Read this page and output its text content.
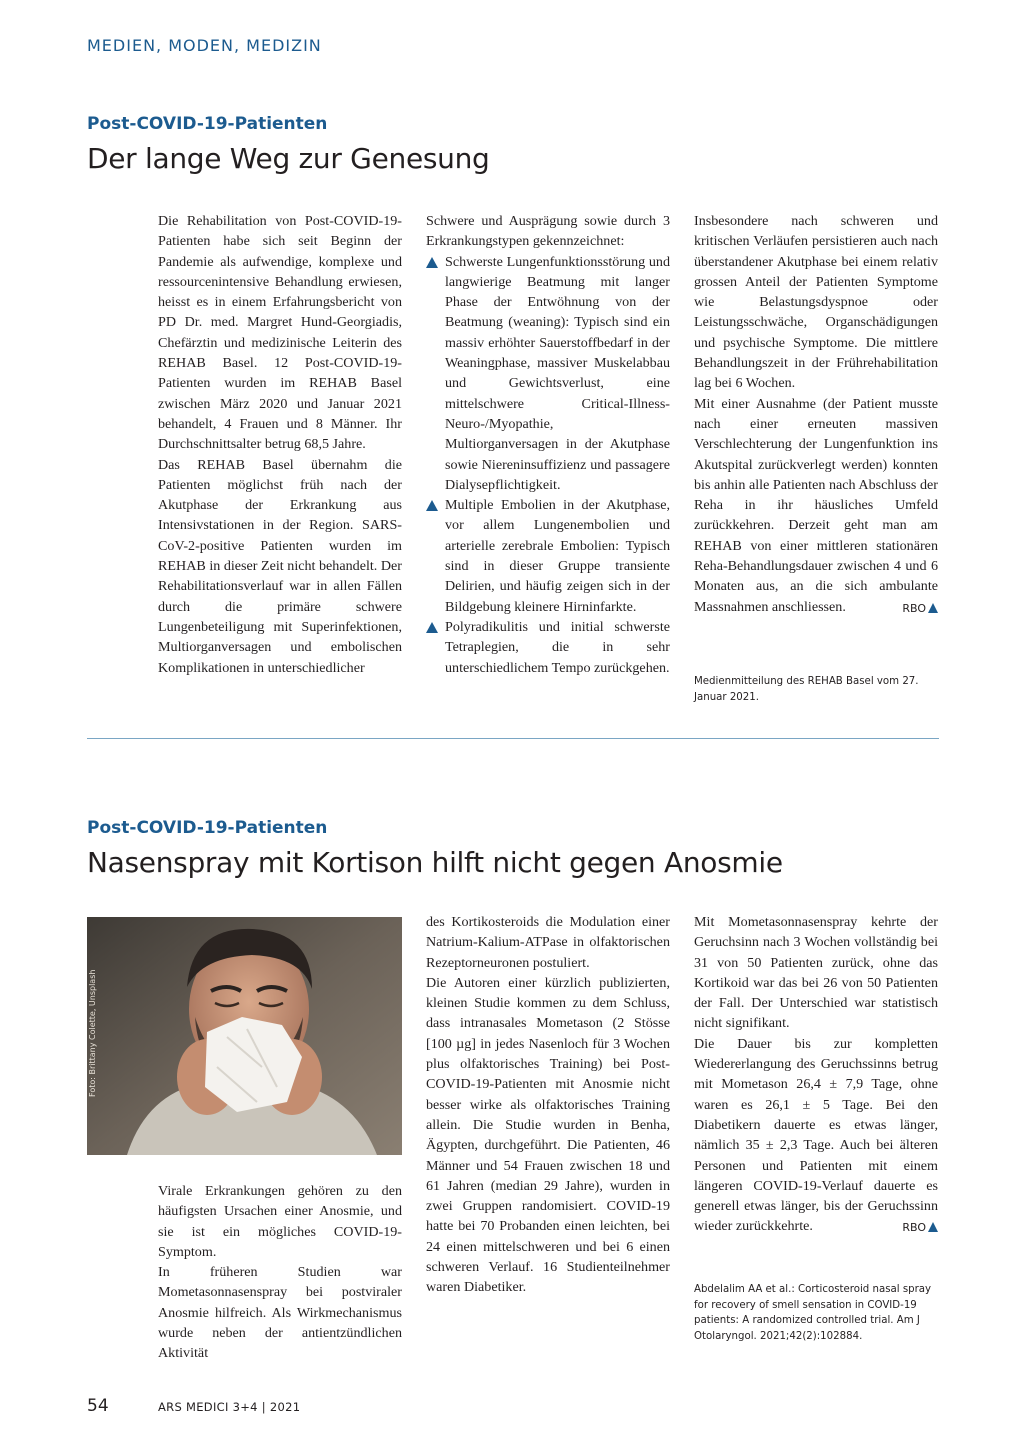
MEDIEN, MODEN, MEDIZIN
Post-COVID-19-Patienten
Der lange Weg zur Genesung

Die Rehabilitation von Post-COVID-19-Patienten habe sich seit Beginn der Pandemie als aufwendige, komplexe und ressourcenintensive Behandlung erwiesen, heisst es in einem Erfahrungsbericht von PD Dr. med. Margret Hund-Georgiadis, Chefärztin und medizinische Leiterin des REHAB Basel. 12 Post-COVID-19-Patienten wurden im REHAB Basel zwischen März 2020 und Januar 2021 behandelt, 4 Frauen und 8 Männer. Ihr Durchschnittsalter betrug 68,5 Jahre.

Das REHAB Basel übernahm die Patienten möglichst früh nach der Akutphase der Erkrankung aus Intensivstationen in der Region. SARS-CoV-2-positive Patienten wurden im REHAB in dieser Zeit nicht behandelt. Der Rehabilitationsverlauf war in allen Fällen durch die primäre schwere Lungenbeteiligung mit Superinfektionen, Multiorganversagen und embolischen Komplikationen in unterschiedlicher

Schwere und Ausprägung sowie durch 3 Erkrankungstypen gekennzeichnet:

Schwerste Lungenfunktionsstörung und langwierige Beatmung mit langer Phase der Entwöhnung von der Beatmung (weaning): Typisch sind ein massiv erhöhter Sauerstoffbedarf in der Weaningphase, massiver Muskelabbau und Gewichtsverlust, eine mittelschwere Critical-Illness-Neuro-/Myopathie, Multiorganversagen in der Akutphase sowie Niereninsuffizienz und passagere Dialysepflichtigkeit.

Multiple Embolien in der Akutphase, vor allem Lungenembolien und arterielle zerebrale Embolien: Typisch sind in dieser Gruppe transiente Delirien, und häufig zeigen sich in der Bildgebung kleinere Hirninfarkte.

Polyradikulitis und initial schwerste Tetraplegien, die in sehr unterschiedlichem Tempo zurückgehen.

Insbesondere nach schweren und kritischen Verläufen persistieren auch nach überstandener Akutphase bei einem relativ grossen Anteil der Patienten Symptome wie Belastungsdyspnoe oder Leistungsschwäche, Organschädigungen und psychische Symptome. Die mittlere Behandlungszeit in der Frührehabilitation lag bei 6 Wochen.

Mit einer Ausnahme (der Patient musste nach einer erneuten massiven Verschlechterung der Lungenfunktion ins Akutspital zurückverlegt werden) konnten bis anhin alle Patienten nach Abschluss der Reha in ihr häusliches Umfeld zurückkehren. Derzeit geht man am REHAB von einer mittleren stationären Reha-Behandlungsdauer zwischen 4 und 6 Monaten aus, an die sich ambulante Massnahmen anschliessen.	RBO

Medienmitteilung des REHAB Basel vom 27. Januar 2021.
Post-COVID-19-Patienten
Nasenspray mit Kortison hilft nicht gegen Anosmie
Foto: Brittany Colette, Unsplash

Virale Erkrankungen gehören zu den häufigsten Ursachen einer Anosmie, und sie ist ein mögliches COVID-19-Symptom.

In früheren Studien war Mometasonnasenspray bei postviraler Anosmie hilfreich. Als Wirkmechanismus wurde neben der antientzündlichen Aktivität

des Kortikosteroids die Modulation einer Natrium-Kalium-ATPase in olfaktorischen Rezeptorneuronen postuliert.

Die Autoren einer kürzlich publizierten, kleinen Studie kommen zu dem Schluss, dass intranasales Mometason (2 Stösse [100 µg] in jedes Nasenloch für 3 Wochen plus olfaktorisches Training) bei Post-COVID-19-Patienten mit Anosmie nicht besser wirke als olfaktorisches Training allein. Die Studie wurden in Benha, Ägypten, durchgeführt. Die Patienten, 46 Männer und 54 Frauen zwischen 18 und 61 Jahren (median 29 Jahre), wurden in zwei Gruppen randomisiert. COVID-19 hatte bei 70 Probanden einen leichten, bei 24 einen mittelschweren und bei 6 einen schweren Verlauf. 16 Studienteilnehmer waren Diabetiker.

Mit Mometasonnasenspray kehrte der Geruchsinn nach 3 Wochen vollständig bei 31 von 50 Patienten zurück, ohne das Kortikoid war das bei 26 von 50 Patienten der Fall. Der Unterschied war statistisch nicht signifikant.

Die Dauer bis zur kompletten Wiedererlangung des Geruchssinns betrug mit Mometason 26,4 ± 7,9 Tage, ohne waren es 26,1 ± 5 Tage. Bei den Diabetikern dauerte es etwas länger, nämlich 35 ± 2,3 Tage. Auch bei älteren Personen und Patienten mit einem längeren COVID-19-Verlauf dauerte es generell etwas länger, bis der Geruchssinn wieder zurückkehrte.	RBO

Abdelalim AA et al.: Corticosteroid nasal spray for recovery of smell sensation in COVID-19 patients: A randomized controlled trial. Am J Otolaryngol. 2021;42(2):102884.
54	ARS MEDICI 3+4 | 2021
